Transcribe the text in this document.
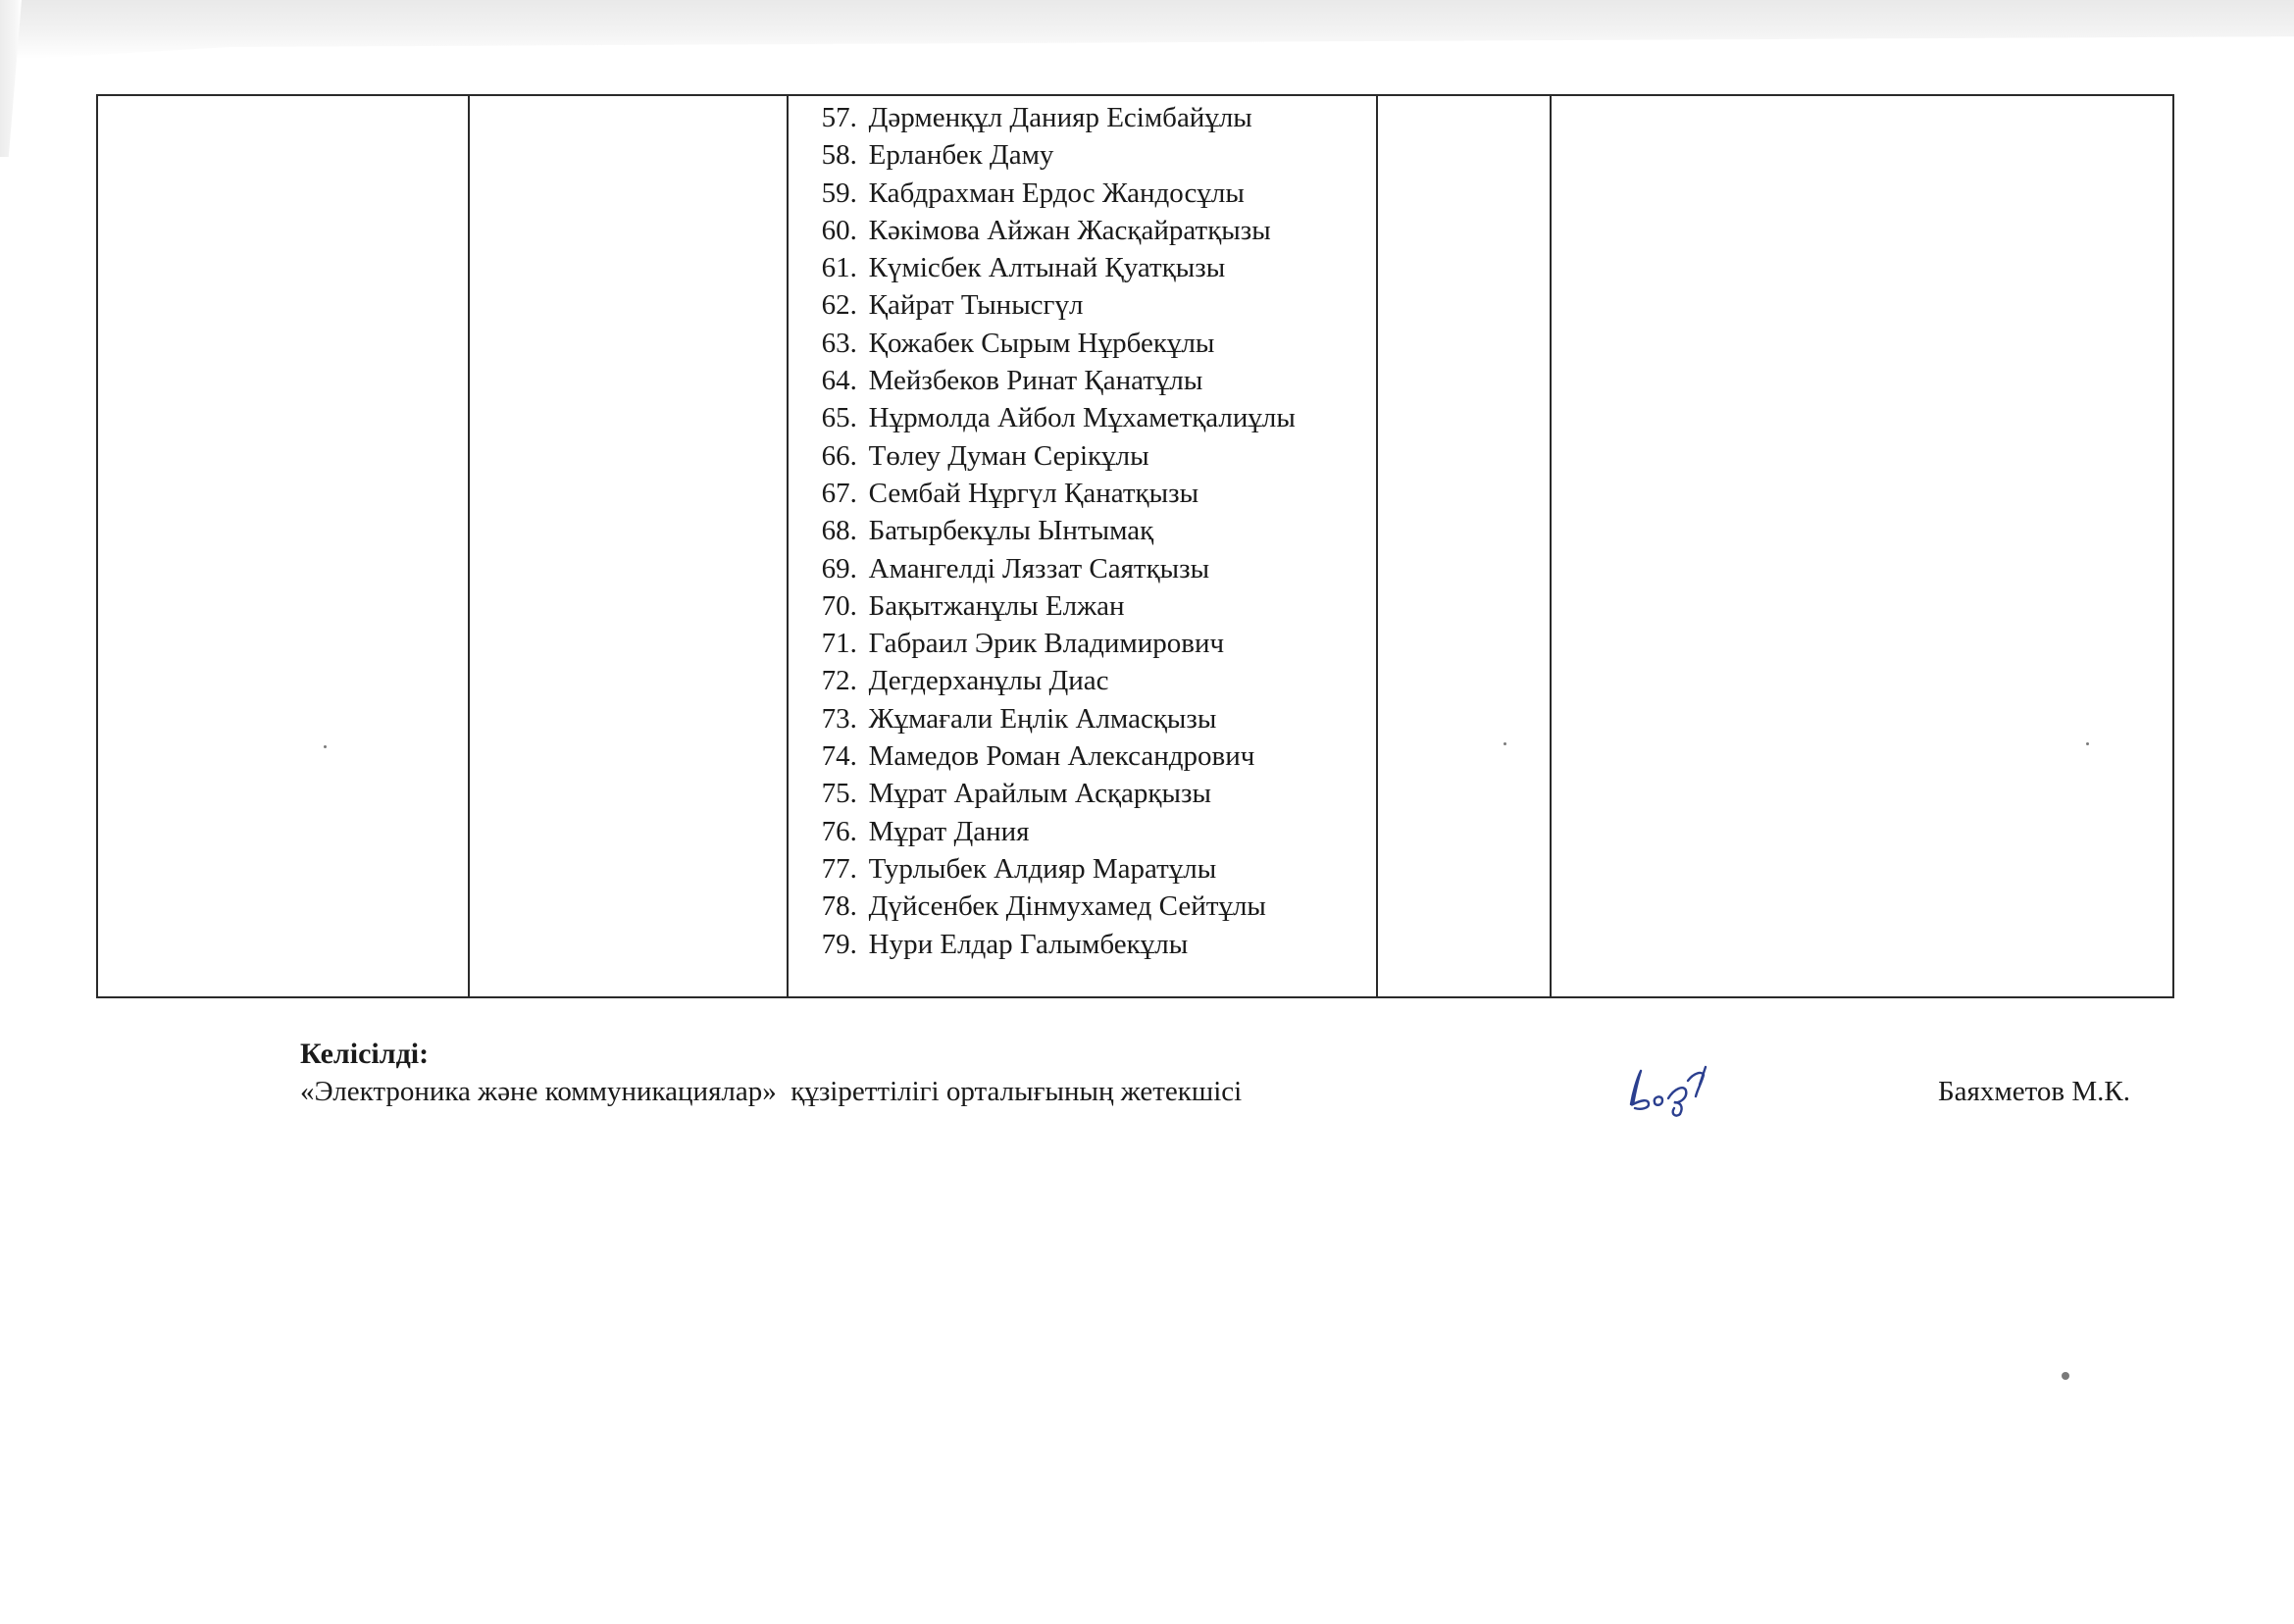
57. Дәрменқұл Данияр Есімбайұлы
58. Ерланбек Даму
59. Кабдрахман Ердос Жандосұлы
60. Кәкімова Айжан Жасқайратқызы
61. Күмісбек Алтынай Қуатқызы
62. Қайрат Тынысгүл
63. Қожабек Сырым Нұрбекұлы
64. Мейзбеков Ринат Қанатұлы
65. Нұрмолда Айбол Мұхаметқалиұлы
66. Төлеу Думан Серікұлы
67. Сембай Нұргүл Қанатқызы
68. Батырбекұлы Ынтымақ
69. Амангелді Ляззат Саятқызы
70. Бақытжанұлы Елжан
71. Габраил Эрик Владимирович
72. Дегдерханұлы Диас
73. Жұмағали Еңлік Алмасқызы
74. Мамедов Роман Александрович
75. Мұрат Арайлым Асқарқызы
76. Мұрат Дания
77. Турлыбек Алдияр Маратұлы
78. Дүйсенбек Дінмухамед Сейтұлы
79. Нури Елдар Галымбекұлы

Келісілді:
«Электроника және коммуникациялар»  құзіреттілігі орталығының жетекшісі	Баяхметов М.К.
